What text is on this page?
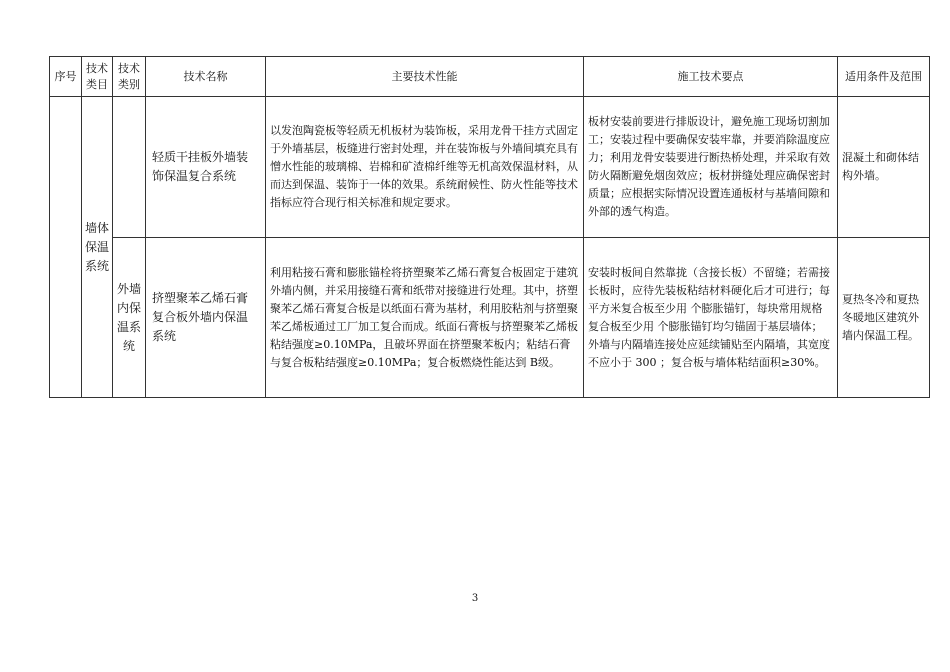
序号	技术类目	技术类别	技术名称	主要技术性能	施工技术要点	适用条件及范围
	墙体保温系统		轻质干挂板外墙装饰保温复合系统	以发泡陶瓷板等轻质无机板材为装饰板，采用龙骨干挂方式固定于外墙基层，板缝进行密封处理，并在装饰板与外墙间填充具有憎水性能的玻璃棉、岩棉和矿渣棉纤维等无机高效保温材料，从而达到保温、装饰于一体的效果。系统耐候性、防火性能等技术指标应符合现行相关标准和规定要求。	板材安装前要进行排版设计，避免施工现场切割加工；安装过程中要确保安装牢靠，并要消除温度应力；利用龙骨安装要进行断热桥处理，并采取有效防火隔断避免烟囱效应；板材拼缝处理应确保密封质量；应根据实际情况设置连通板材与基墙间隙和外部的透气构造。	混凝土和砌体结构外墙。
		外墙内保温系统	挤塑聚苯乙烯石膏复合板外墙内保温系统	利用粘接石膏和膨胀锚栓将挤塑聚苯乙烯石膏复合板固定于建筑外墙内侧，并采用接缝石膏和纸带对接缝进行处理。其中，挤塑聚苯乙烯石膏复合板是以纸面石膏为基材，利用胶粘剂与挤塑聚苯乙烯板通过工厂加工复合而成。纸面石膏板与挤塑聚苯乙烯板粘结强度≥0.10MPa，且破坏界面在挤塑聚苯板内；粘结石膏与复合板粘结强度≥0.10MPa；复合板燃烧性能达到 B级。	安装时板间自然靠拢（含接长板）不留缝；若需接长板时，应待先装板粘结材料硬化后才可进行；每平方米复合板至少用 个膨胀锚钉，每块常用规格复合板至少用 个膨胀锚钉均匀锚固于基层墙体；外墙与内隔墙连接处应延续铺贴至内隔墙，其宽度不应小于 300 ；复合板与墙体粘结面积≥30%。	夏热冬冷和夏热冬暖地区建筑外墙内保温工程。
3
